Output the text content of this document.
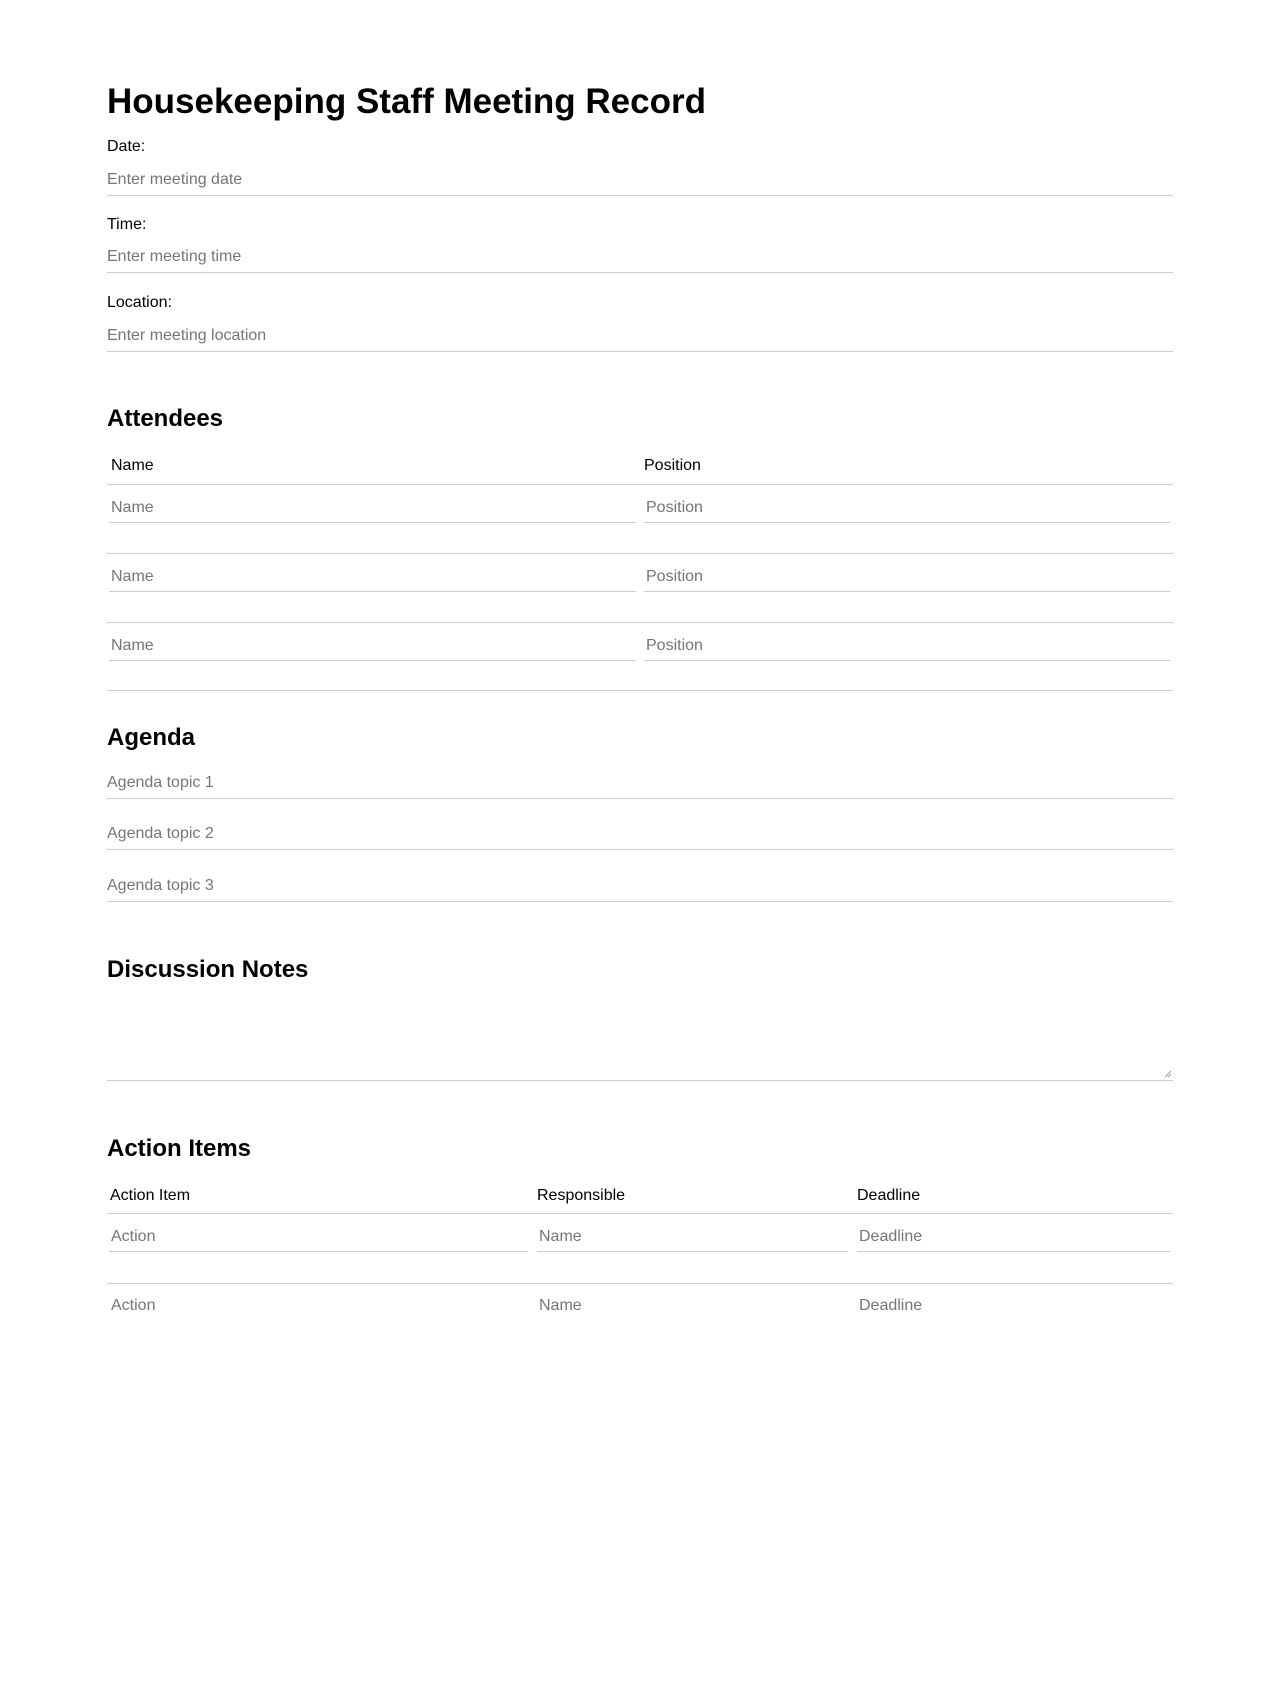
Housekeeping Staff Meeting Record
Date:
Enter meeting date
Time:
Enter meeting time
Location:
Enter meeting location
Attendees
Name	Position
Name	Position
Name	Position
Name	Position
Agenda
Agenda topic 1
Agenda topic 2
Agenda topic 3
Discussion Notes
Action Items
Action Item	Responsible	Deadline
Action	Name	Deadline
Action	Name	Deadline
